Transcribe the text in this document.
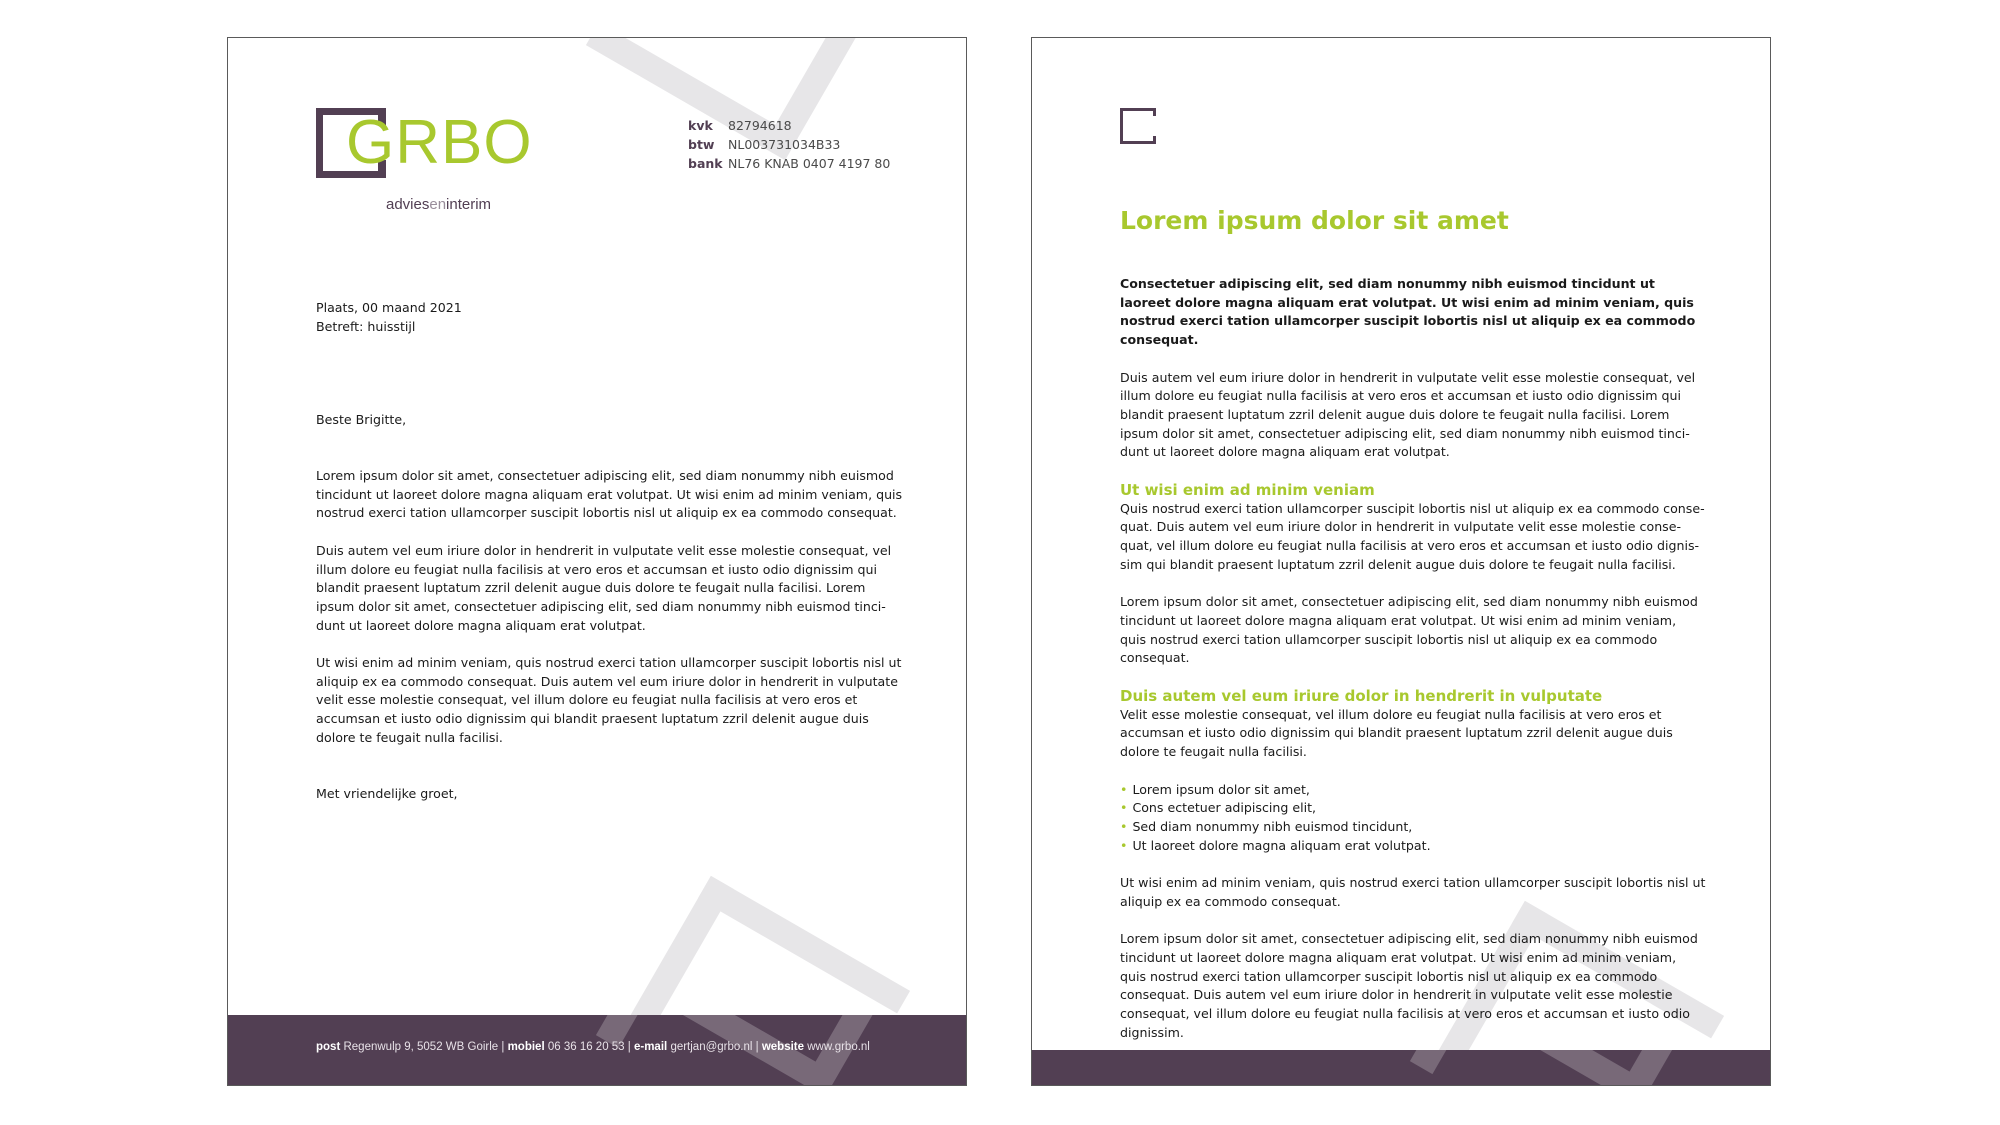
GRBO
advieseninterim
kvk 82794618
btw NL003731034B33
bank NL76 KNAB 0407 4197 80
Plaats, 00 maand 2021
Betreft: huisstijl
Beste Brigitte,

Lorem ipsum dolor sit amet, consectetuer adipiscing elit, sed diam nonummy nibh euismod tincidunt ut laoreet dolore magna aliquam erat volutpat. Ut wisi enim ad minim veniam, quis nostrud exerci tation ullamcorper suscipit lobortis nisl ut aliquip ex ea commodo consequat.

Duis autem vel eum iriure dolor in hendrerit in vulputate velit esse molestie consequat, vel illum dolore eu feugiat nulla facilisis at vero eros et accumsan et iusto odio dignissim qui blandit praesent luptatum zzril delenit augue duis dolore te feugait nulla facilisi. Lorem ipsum dolor sit amet, consectetuer adipiscing elit, sed diam nonummy nibh euismod tinci-dunt ut laoreet dolore magna aliquam erat volutpat.

Ut wisi enim ad minim veniam, quis nostrud exerci tation ullamcorper suscipit lobortis nisl ut aliquip ex ea commodo consequat. Duis autem vel eum iriure dolor in hendrerit in vulputate velit esse molestie consequat, vel illum dolore eu feugiat nulla facilisis at vero eros et accumsan et iusto odio dignissim qui blandit praesent luptatum zzril delenit augue duis dolore te feugait nulla facilisi.

Met vriendelijke groet,
post Regenwulp 9, 5052 WB Goirle | mobiel 06 36 16 20 53 | e-mail gertjan@grbo.nl | website www.grbo.nl
Lorem ipsum dolor sit amet

Consectetuer adipiscing elit, sed diam nonummy nibh euismod tincidunt ut laoreet dolore magna aliquam erat volutpat. Ut wisi enim ad minim veniam, quis nostrud exerci tation ullamcorper suscipit lobortis nisl ut aliquip ex ea commodo consequat.

Duis autem vel eum iriure dolor in hendrerit in vulputate velit esse molestie consequat, vel illum dolore eu feugiat nulla facilisis at vero eros et accumsan et iusto odio dignissim qui blandit praesent luptatum zzril delenit augue duis dolore te feugait nulla facilisi. Lorem ipsum dolor sit amet, consectetuer adipiscing elit, sed diam nonummy nibh euismod tinci-dunt ut laoreet dolore magna aliquam erat volutpat.

Ut wisi enim ad minim veniam

Quis nostrud exerci tation ullamcorper suscipit lobortis nisl ut aliquip ex ea commodo conse-quat. Duis autem vel eum iriure dolor in hendrerit in vulputate velit esse molestie conse-quat, vel illum dolore eu feugiat nulla facilisis at vero eros et accumsan et iusto odio dignis-sim qui blandit praesent luptatum zzril delenit augue duis dolore te feugait nulla facilisi.

Lorem ipsum dolor sit amet, consectetuer adipiscing elit, sed diam nonummy nibh euismod tincidunt ut laoreet dolore magna aliquam erat volutpat. Ut wisi enim ad minim veniam, quis nostrud exerci tation ullamcorper suscipit lobortis nisl ut aliquip ex ea commodo consequat.

Duis autem vel eum iriure dolor in hendrerit in vulputate

Velit esse molestie consequat, vel illum dolore eu feugiat nulla facilisis at vero eros et accumsan et iusto odio dignissim qui blandit praesent luptatum zzril delenit augue duis dolore te feugait nulla facilisi.

• Lorem ipsum dolor sit amet,
• Cons ectetuer adipiscing elit,
• Sed diam nonummy nibh euismod tincidunt,
• Ut laoreet dolore magna aliquam erat volutpat.

Ut wisi enim ad minim veniam, quis nostrud exerci tation ullamcorper suscipit lobortis nisl ut aliquip ex ea commodo consequat.

Lorem ipsum dolor sit amet, consectetuer adipiscing elit, sed diam nonummy nibh euismod tincidunt ut laoreet dolore magna aliquam erat volutpat. Ut wisi enim ad minim veniam, quis nostrud exerci tation ullamcorper suscipit lobortis nisl ut aliquip ex ea commodo consequat. Duis autem vel eum iriure dolor in hendrerit in vulputate velit esse molestie consequat, vel illum dolore eu feugiat nulla facilisis at vero eros et accumsan et iusto odio dignissim.
